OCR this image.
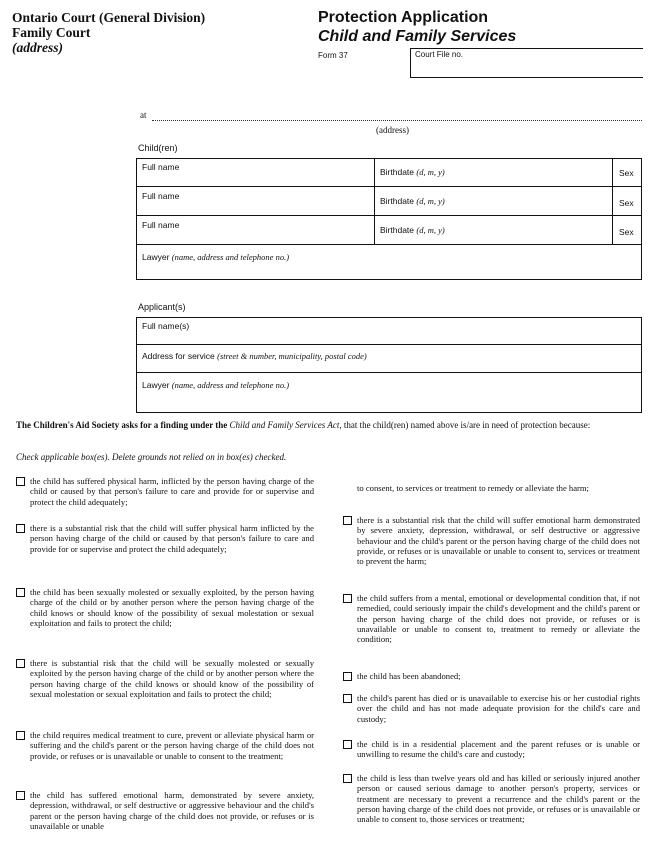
Ontario Court (General Division)
Family Court
(address)
Protection Application
Child and Family Services
Form 37	Court File no.
at
(address)
Child(ren)
Full name	Birthdate (d, m, y)	Sex
Full name	Birthdate (d, m, y)	Sex
Full name	Birthdate (d, m, y)	Sex
Lawyer (name, address and telephone no.)
Applicant(s)
Full name(s)
Address for service (street & number, municipality, postal code)
Lawyer (name, address and telephone no.)
The Children's Aid Society asks for a finding under the Child and Family Services Act, that the child(ren) named above is/are in need of protection because:
Check applicable box(es). Delete grounds not relied on in box(es) checked.
the child has suffered physical harm, inflicted by the person having charge of the child or caused by that person's failure to care and provide for or supervise and protect the child adequately;
there is a substantial risk that the child will suffer physical harm inflicted by the person having charge of the child or caused by that person's failure to care and provide for or supervise and protect the child adequately;
the child has been sexually molested or sexually exploited, by the person having charge of the child or by another person where the person having charge of the child knows or should know of the possibility of sexual molestation or sexual exploitation and fails to protect the child;
there is substantial risk that the child will be sexually molested or sexually exploited by the person having charge of the child or by another person where the person having charge of the child knows or should know of the possibility of sexual molestation or sexual exploitation and fails to protect the child;
the child requires medical treatment to cure, prevent or alleviate physical harm or suffering and the child's parent or the person having charge of the child does not provide, or refuses or is unavailable or unable to consent to the treatment;
the child has suffered emotional harm, demonstrated by severe anxiety, depression, withdrawal, or self destructive or aggressive behaviour and the child's parent or the person having charge of the child does not provide, or refuses or is unavailable or unable
to consent, to services or treatment to remedy or alleviate the harm;
there is a substantial risk that the child will suffer emotional harm demonstrated by severe anxiety, depression, withdrawal, or self destructive or aggressive behaviour and the child's parent or the person having charge of the child does not provide, or refuses or is unavailable or unable to consent to, services or treatment to prevent the harm;
the child suffers from a mental, emotional or developmental condition that, if not remedied, could seriously impair the child's development and the child's parent or the person having charge of the child does not provide, or refuses or is unavailable or unable to consent to, treatment to remedy or alleviate the condition;
the child has been abandoned;
the child's parent has died or is unavailable to exercise his or her custodial rights over the child and has not made adequate provision for the child's care and custody;
the child is in a residential placement and the parent refuses or is unable or unwilling to resume the child's care and custody;
the child is less than twelve years old and has killed or seriously injured another person or caused serious damage to another person's property, services or treatment are necessary to prevent a recurrence and the child's parent or the person having charge of the child does not provide, or refuses or is unavailable or unable to consent to, those services or treatment;
